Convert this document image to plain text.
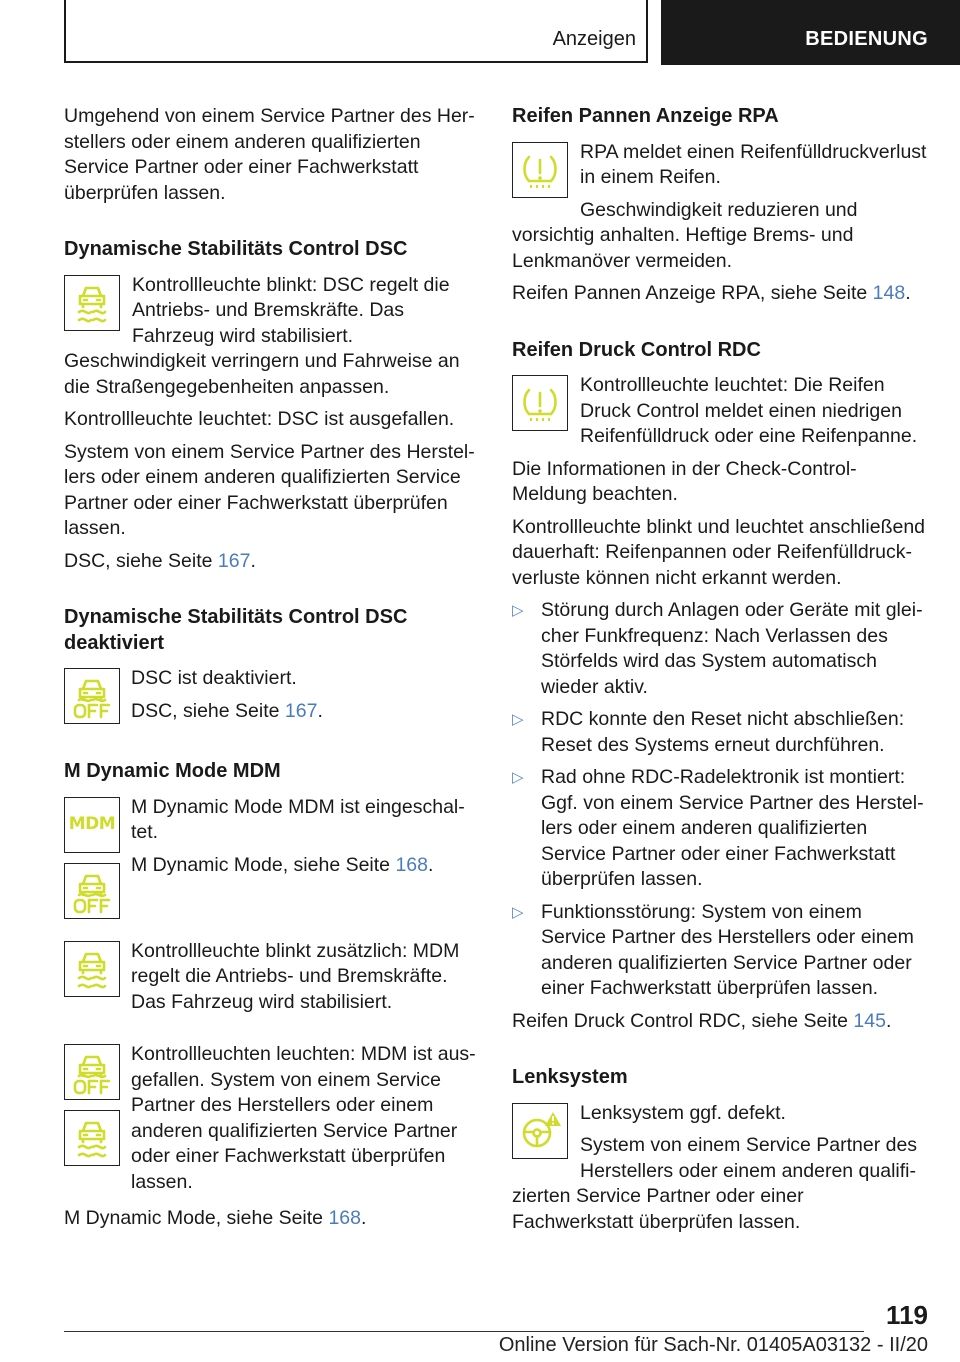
Anzeigen	BEDIENUNG

Umgehend von einem Service Partner des Herstellers oder einem anderen qualifizierten Service Partner oder einer Fachwerkstatt überprüfen lassen.

Dynamische Stabilitäts Control DSC

Kontrollleuchte blinkt: DSC regelt die Antriebs- und Bremskräfte. Das Fahrzeug wird stabilisiert. Geschwindigkeit verringern und Fahrweise an die Straßengegebenheiten anpassen.

Kontrollleuchte leuchtet: DSC ist ausgefallen.

System von einem Service Partner des Herstellers oder einem anderen qualifizierten Service Partner oder einer Fachwerkstatt überprüfen lassen.

DSC, siehe Seite 167.

Dynamische Stabilitäts Control DSC deaktiviert

DSC ist deaktiviert.

DSC, siehe Seite 167.

M Dynamic Mode MDM
MDM

M Dynamic Mode MDM ist eingeschaltet.

M Dynamic Mode, siehe Seite 168.

Kontrollleuchte blinkt zusätzlich: MDM regelt die Antriebs- und Bremskräfte. Das Fahrzeug wird stabilisiert.

Kontrollleuchten leuchten: MDM ist ausgefallen. System von einem Service Partner des Herstellers oder einem anderen qualifizierten Service Partner oder einer Fachwerkstatt überprüfen lassen.

M Dynamic Mode, siehe Seite 168.

Reifen Pannen Anzeige RPA

RPA meldet einen Reifenfülldruckverlust in einem Reifen.

Geschwindigkeit reduzieren und vorsichtig anhalten. Heftige Brems- und Lenkmanöver vermeiden.

Reifen Pannen Anzeige RPA, siehe Seite 148.

Reifen Druck Control RDC

Kontrollleuchte leuchtet: Die Reifen Druck Control meldet einen niedrigen Reifenfülldruck oder eine Reifenpanne.

Die Informationen in der Check-Control-Meldung beachten.

Kontrollleuchte blinkt und leuchtet anschließend dauerhaft: Reifenpannen oder Reifenfülldruckverluste können nicht erkannt werden.

▷ Störung durch Anlagen oder Geräte mit gleicher Funkfrequenz: Nach Verlassen des Störfelds wird das System automatisch wieder aktiv.
▷ RDC konnte den Reset nicht abschließen: Reset des Systems erneut durchführen.
▷ Rad ohne RDC-Radelektronik ist montiert: Ggf. von einem Service Partner des Herstellers oder einem anderen qualifizierten Service Partner oder einer Fachwerkstatt überprüfen lassen.
▷ Funktionsstörung: System von einem Service Partner des Herstellers oder einem anderen qualifizierten Service Partner oder einer Fachwerkstatt überprüfen lassen.

Reifen Druck Control RDC, siehe Seite 145.

Lenksystem

Lenksystem ggf. defekt.

System von einem Service Partner des Herstellers oder einem anderen qualifizierten Service Partner oder einer Fachwerkstatt überprüfen lassen.

119
Online Version für Sach-Nr. 01405A03132 - II/20
